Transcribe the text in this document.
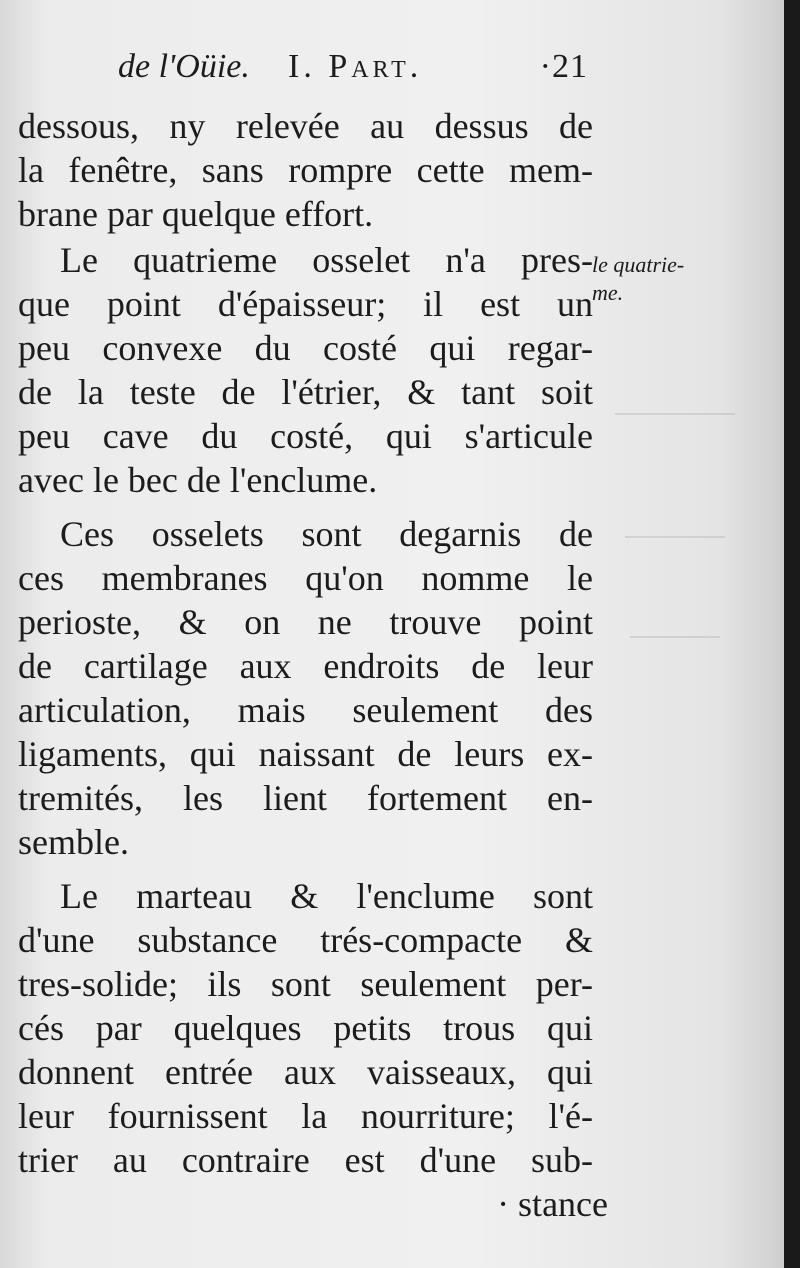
de l'Oüie. I. Part.	·21
dessous, ny relevée au dessus de
la fenêtre, sans rompre cette mem-
brane par quelque effort.
Le quatrieme osselet n'a pres-
que point d'épaisseur; il est un
peu convexe du costé qui regar-
de la teste de l'étrier, & tant soit
peu cave du costé, qui s'articule
avec le bec de l'enclume.
Ces osselets sont degarnis de
ces membranes qu'on nomme le
perioste, & on ne trouve point
de cartilage aux endroits de leur
articulation, mais seulement des
ligaments, qui naissant de leurs ex-
tremités, les lient fortement en-
semble.
Le marteau & l'enclume sont
d'une substance trés-compacte &
tres-solide; ils sont seulement per-
cés par quelques petits trous qui
donnent entrée aux vaisseaux, qui
leur fournissent la nourriture; l'é-
trier au contraire est d'une sub-
· stance
le quatrie-
me.
